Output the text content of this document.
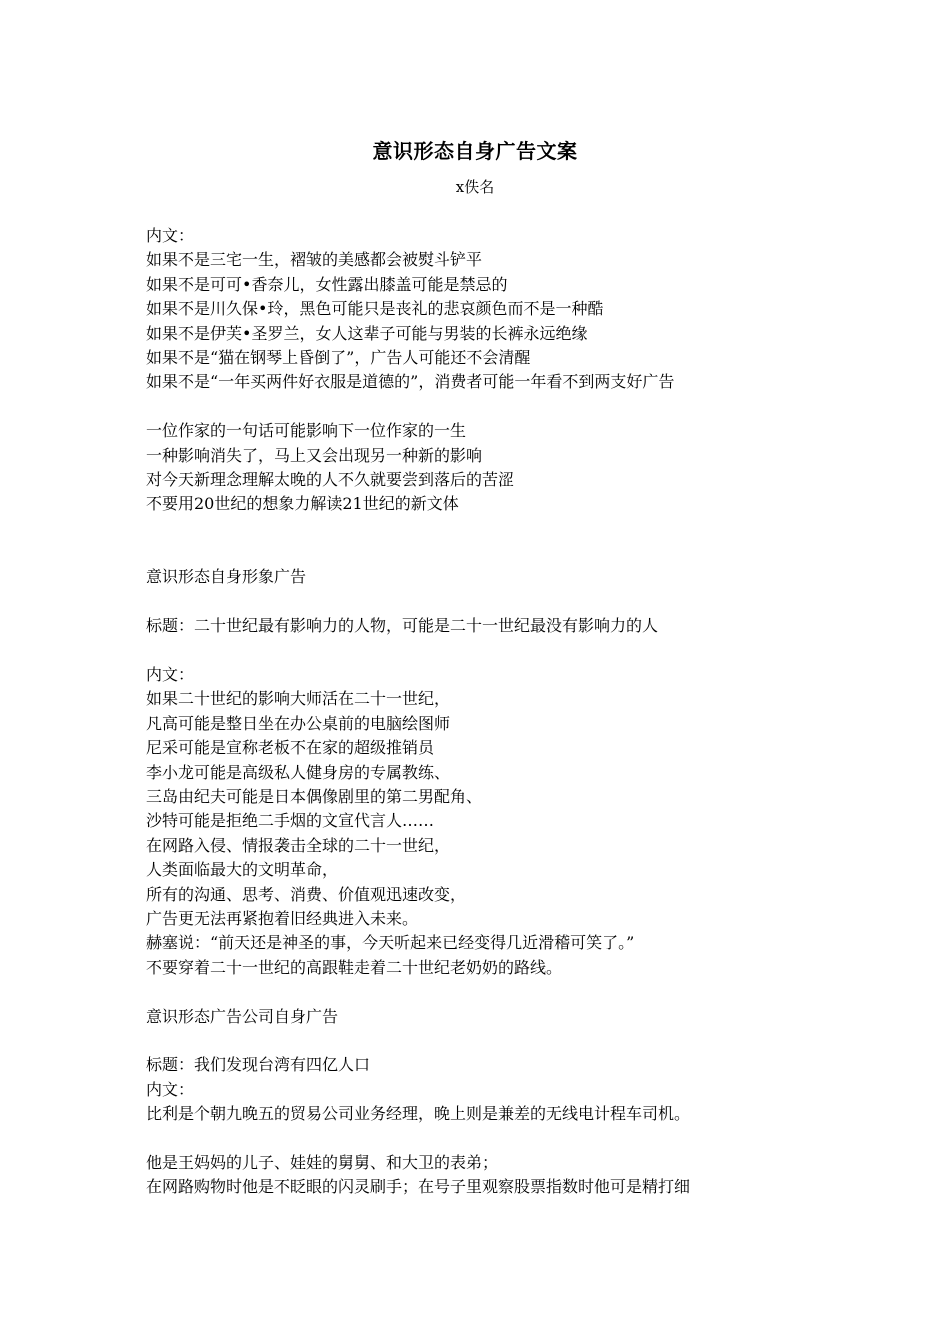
意识形态自身广告文案
x佚名
内文：
如果不是三宅一生，褶皱的美感都会被熨斗铲平
如果不是可可•香奈儿，女性露出膝盖可能是禁忌的
如果不是川久保•玲，黑色可能只是丧礼的悲哀颜色而不是一种酷
如果不是伊芙•圣罗兰，女人这辈子可能与男装的长裤永远绝缘
如果不是“猫在钢琴上昏倒了”，广告人可能还不会清醒
如果不是“一年买两件好衣服是道德的”，消费者可能一年看不到两支好广告
一位作家的一句话可能影响下一位作家的一生
一种影响消失了，马上又会出现另一种新的影响
对今天新理念理解太晚的人不久就要尝到落后的苦涩
不要用20世纪的想象力解读21世纪的新文体
意识形态自身形象广告
标题：二十世纪最有影响力的人物，可能是二十一世纪最没有影响力的人
内文：
如果二十世纪的影响大师活在二十一世纪，
凡高可能是整日坐在办公桌前的电脑绘图师
尼采可能是宣称老板不在家的超级推销员
李小龙可能是高级私人健身房的专属教练、
三岛由纪夫可能是日本偶像剧里的第二男配角、
沙特可能是拒绝二手烟的文宣代言人……
在网路入侵、情报袭击全球的二十一世纪，
人类面临最大的文明革命，
所有的沟通、思考、消费、价值观迅速改变，
广告更无法再紧抱着旧经典进入未来。
赫塞说：“前天还是神圣的事，今天听起来已经变得几近滑稽可笑了。”
不要穿着二十一世纪的高跟鞋走着二十世纪老奶奶的路线。
意识形态广告公司自身广告
标题：我们发现台湾有四亿人口
内文：
比利是个朝九晚五的贸易公司业务经理，晚上则是兼差的无线电计程车司机。
他是王妈妈的儿子、娃娃的舅舅、和大卫的表弟；
在网路购物时他是不眨眼的闪灵刷手；在号子里观察股票指数时他可是精打细
